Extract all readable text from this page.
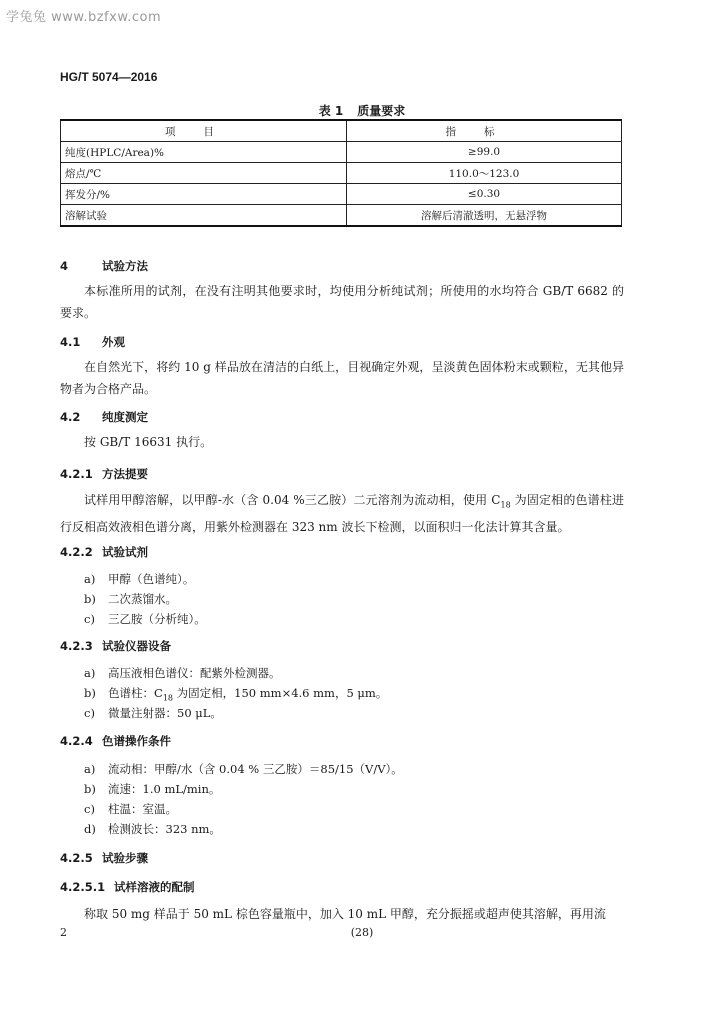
学兔兔 www.bzfxw.com
HG/T 5074—2016
表 1 质量要求
项目	指标
纯度(HPLC/Area)%	≥99.0
熔点/℃	110.0～123.0
挥发分/%	≤0.30
溶解试验	溶解后清澈透明，无悬浮物
4	试验方法
本标准所用的试剂，在没有注明其他要求时，均使用分析纯试剂；所使用的水均符合 GB/T 6682 的要求。
4.1 外观
在自然光下，将约 10 g 样品放在清洁的白纸上，目视确定外观，呈淡黄色固体粉末或颗粒，无其他异物者为合格产品。
4.2 纯度测定
按 GB/T 16631 执行。
4.2.1 方法提要
试样用甲醇溶解，以甲醇-水（含 0.04 %三乙胺）二元溶剂为流动相，使用 $C_{18}$ 为固定相的色谱柱进行反相高效液相色谱分离，用紫外检测器在 323 nm 波长下检测，以面积归一化法计算其含量。
4.2.2 试验试剂
a) 甲醇（色谱纯）。
b) 二次蒸馏水。
c) 三乙胺（分析纯）。
4.2.3 试验仪器设备
a) 高压液相色谱仪：配紫外检测器。
b) 色谱柱：$C_{18}$ 为固定相，150 mm×4.6 mm，5 μm。
c) 微量注射器：50 μL。
4.2.4 色谱操作条件
a) 流动相：甲醇/水（含 0.04 % 三乙胺）＝85/15（V/V）。
b) 流速：1.0 mL/min。
c) 柱温：室温。
d) 检测波长：323 nm。
4.2.5 试验步骤
4.2.5.1 试样溶液的配制
称取 50 mg 样品于 50 mL 棕色容量瓶中，加入 10 mL 甲醇，充分振摇或超声使其溶解，再用流
2	(28)
